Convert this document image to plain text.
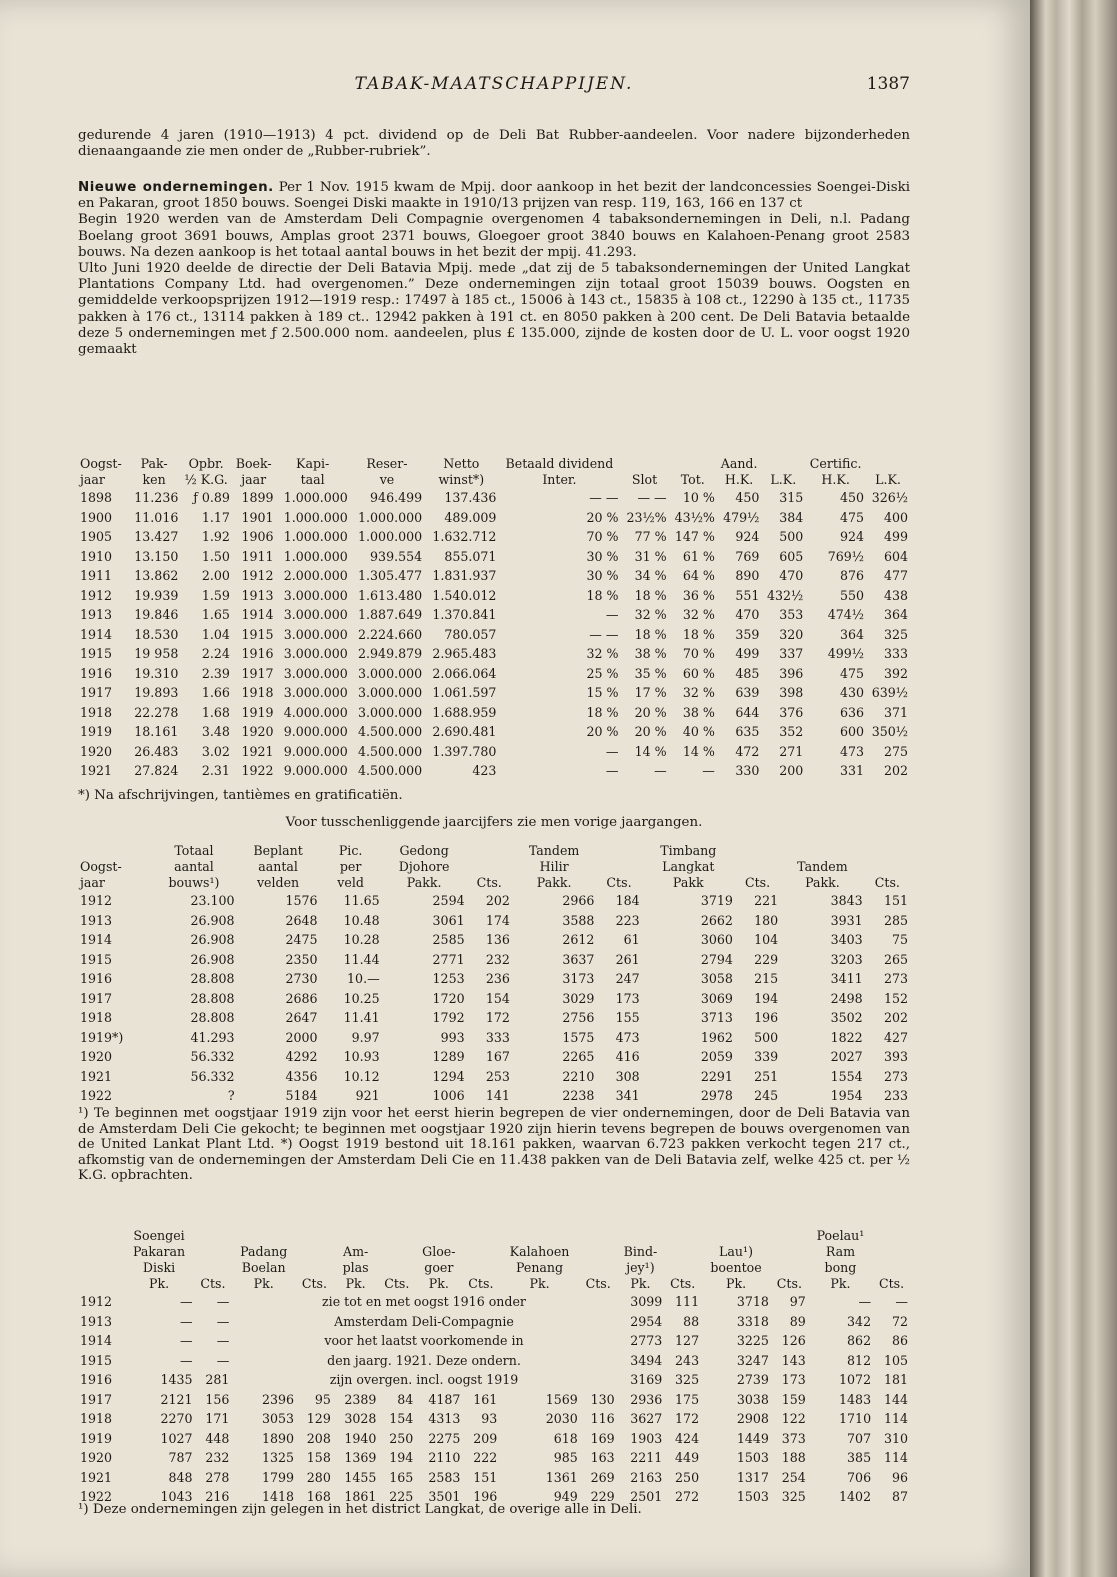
TABAK-MAATSCHAPPIJEN.	1387

gedurende 4 jaren (1910—1913) 4 pct. dividend op de Deli Bat Rubber-aandeelen. Voor nadere bijzonderheden dienaangaande zie men onder de „Rubber-rubriek”.

Nieuwe ondernemingen. Per 1 Nov. 1915 kwam de Mpij. door aankoop in het bezit der landconcessies Soengei-Diski en Pakaran, groot 1850 bouws. Soengei Diski maakte in 1910/13 prijzen van resp. 119, 163, 166 en 137 ct

Begin 1920 werden van de Amsterdam Deli Compagnie overgenomen 4 tabaksondernemingen in Deli, n.l. Padang Boelang groot 3691 bouws, Amplas groot 2371 bouws, Gloegoer groot 3840 bouws en Kalahoen-Penang groot 2583 bouws. Na dezen aankoop is het totaal aantal bouws in het bezit der mpij. 41.293.

Ulto Juni 1920 deelde de directie der Deli Batavia Mpij. mede „dat zij de 5 tabaksondernemingen der United Langkat Plantations Company Ltd. had overgenomen.” Deze ondernemingen zijn totaal groot 15039 bouws. Oogsten en gemiddelde verkoopsprijzen 1912—1919 resp.: 17497 à 185 ct., 15006 à 143 ct., 15835 à 108 ct., 12290 à 135 ct., 11735 pakken à 176 ct., 13114 pakken à 189 ct.. 12942 pakken à 191 ct. en 8050 pakken à 200 cent. De Deli Batavia betaalde deze 5 ondernemingen met ƒ 2.500.000 nom. aandeelen, plus £ 135.000, zijnde de kosten door de U. L. voor oogst 1920 gemaakt

Oogst-	Pak-	Opbr.	Boek-	Kapi-	Reser-	Netto	Betaald dividend			Aand.		Certific.	
jaar	ken	½ K.G.	jaar	taal	ve	winst*)	Inter.	Slot	Tot.	H.K.	L.K.	H.K.	L.K.
1898	11.236	ƒ 0.89	1899	1.000.000	946.499	137.436	— —	— —	10 %	450	315	450	326½
1900	11.016	1.17	1901	1.000.000	1.000.000	489.009	20 %	23½%	43½%	479½	384	475	400
1905	13.427	1.92	1906	1.000.000	1.000.000	1.632.712	70 %	77 %	147 %	924	500	924	499
1910	13.150	1.50	1911	1.000.000	939.554	855.071	30 %	31 %	61 %	769	605	769½	604
1911	13.862	2.00	1912	2.000.000	1.305.477	1.831.937	30 %	34 %	64 %	890	470	876	477
1912	19.939	1.59	1913	3.000.000	1.613.480	1.540.012	18 %	18 %	36 %	551	432½	550	438
1913	19.846	1.65	1914	3.000.000	1.887.649	1.370.841	—	32 %	32 %	470	353	474½	364
1914	18.530	1.04	1915	3.000.000	2.224.660	780.057	— —	18 %	18 %	359	320	364	325
1915	19 958	2.24	1916	3.000.000	2.949.879	2.965.483	32 %	38 %	70 %	499	337	499½	333
1916	19.310	2.39	1917	3.000.000	3.000.000	2.066.064	25 %	35 %	60 %	485	396	475	392
1917	19.893	1.66	1918	3.000.000	3.000.000	1.061.597	15 %	17 %	32 %	639	398	430	639½
1918	22.278	1.68	1919	4.000.000	3.000.000	1.688.959	18 %	20 %	38 %	644	376	636	371
1919	18.161	3.48	1920	9.000.000	4.500.000	2.690.481	20 %	20 %	40 %	635	352	600	350½
1920	26.483	3.02	1921	9.000.000	4.500.000	1.397.780	—	14 %	14 %	472	271	473	275
1921	27.824	2.31	1922	9.000.000	4.500.000	423	—	—	—	330	200	331	202
*) Na afschrijvingen, tantièmes en gratificatiën.
Voor tusschenliggende jaarcijfers zie men vorige jaargangen.
	Totaal	Beplant	Pic.	Gedong		Tandem		Timbang			
Oogst-	aantal	aantal	per	Djohore		Hilir		Langkat		Tandem	
jaar	bouws¹)	velden	veld	Pakk.	Cts.	Pakk.	Cts.	Pakk	Cts.	Pakk.	Cts.
1912	23.100	1576	11.65	2594	202	2966	184	3719	221	3843	151
1913	26.908	2648	10.48	3061	174	3588	223	2662	180	3931	285
1914	26.908	2475	10.28	2585	136	2612	61	3060	104	3403	75
1915	26.908	2350	11.44	2771	232	3637	261	2794	229	3203	265
1916	28.808	2730	10.—	1253	236	3173	247	3058	215	3411	273
1917	28.808	2686	10.25	1720	154	3029	173	3069	194	2498	152
1918	28.808	2647	11.41	1792	172	2756	155	3713	196	3502	202
1919*)	41.293	2000	9.97	993	333	1575	473	1962	500	1822	427
1920	56.332	4292	10.93	1289	167	2265	416	2059	339	2027	393
1921	56.332	4356	10.12	1294	253	2210	308	2291	251	1554	273
1922	?	5184	921	1006	141	2238	341	2978	245	1954	233
¹) Te beginnen met oogstjaar 1919 zijn voor het eerst hierin begrepen de vier ondernemingen, door de Deli Batavia van de Amsterdam Deli Cie gekocht; te beginnen met oogstjaar 1920 zijn hierin tevens begrepen de bouws overgenomen van de United Lankat Plant Ltd. *) Oogst 1919 bestond uit 18.161 pakken, waarvan 6.723 pakken verkocht tegen 217 ct., afkomstig van de ondernemingen der Amsterdam Deli Cie en 11.438 pakken van de Deli Batavia zelf, welke 425 ct. per ½ K.G. opbrachten.
	Soengei														Poelau¹	
	Pakaran		Padang		Am-		Gloe-		Kalahoen		Bind-		Lau¹)		Ram	
	Diski		Boelan		plas		goer		Penang		jey¹)		boentoe		bong	
	Pk.	Cts.	Pk.	Cts.	Pk.	Cts.	Pk.	Cts.	Pk.	Cts.	Pk.	Cts.	Pk.	Cts.	Pk.	Cts.
1912	—	—	zie tot en met oogst 1916 onder								3099	111	3718	97	—	—
1913	—	—	Amsterdam Deli-Compagnie								2954	88	3318	89	342	72
1914	—	—	voor het laatst voorkomende in								2773	127	3225	126	862	86
1915	—	—	den jaarg. 1921. Deze ondern.								3494	243	3247	143	812	105
1916	1435	281	zijn overgen. incl. oogst 1919								3169	325	2739	173	1072	181
1917	2121	156	2396	95	2389	84	4187	161	1569	130	2936	175	3038	159	1483	144
1918	2270	171	3053	129	3028	154	4313	93	2030	116	3627	172	2908	122	1710	114
1919	1027	448	1890	208	1940	250	2275	209	618	169	1903	424	1449	373	707	310
1920	787	232	1325	158	1369	194	2110	222	985	163	2211	449	1503	188	385	114
1921	848	278	1799	280	1455	165	2583	151	1361	269	2163	250	1317	254	706	96
1922	1043	216	1418	168	1861	225	3501	196	949	229	2501	272	1503	325	1402	87
¹) Deze ondernemingen zijn gelegen in het district Langkat, de overige alle in Deli.
